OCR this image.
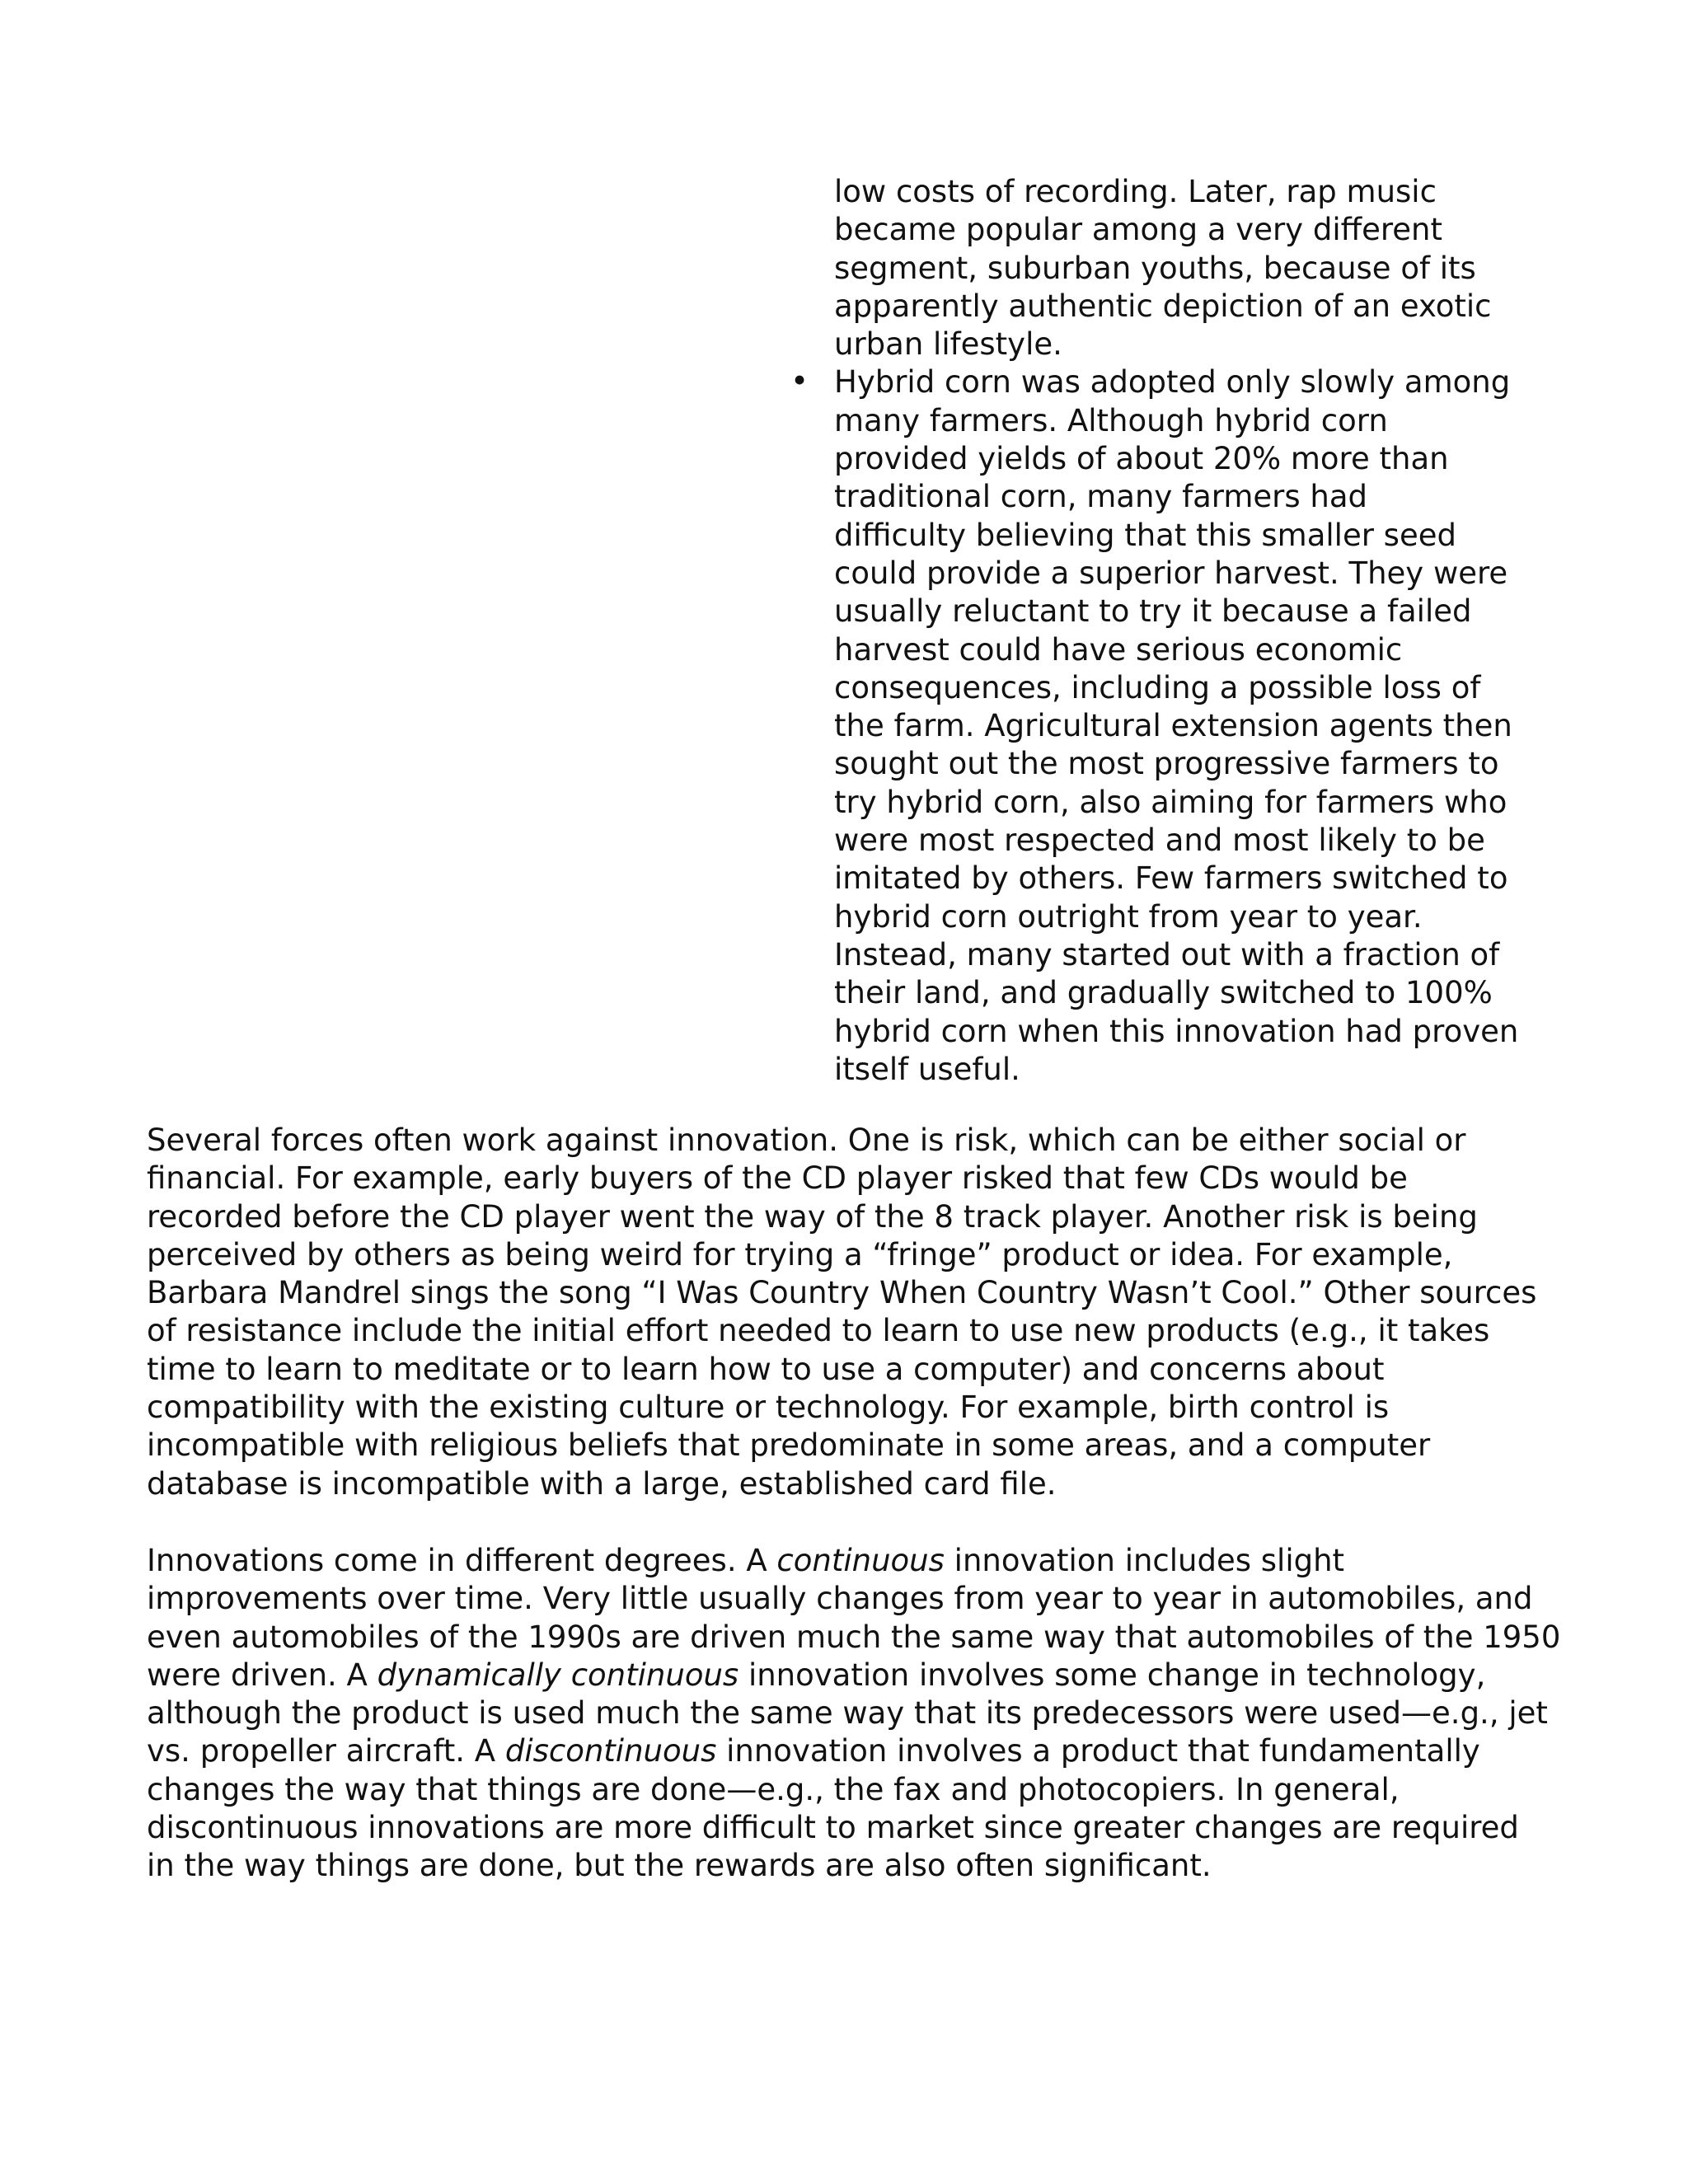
low costs of recording. Later, rap music
became popular among a very different
segment, suburban youths, because of its
apparently authentic depiction of an exotic
urban lifestyle.
Hybrid corn was adopted only slowly among
many farmers. Although hybrid corn
provided yields of about 20% more than
traditional corn, many farmers had
difficulty believing that this smaller seed
could provide a superior harvest. They were
usually reluctant to try it because a failed
harvest could have serious economic
consequences, including a possible loss of
the farm. Agricultural extension agents then
sought out the most progressive farmers to
try hybrid corn, also aiming for farmers who
were most respected and most likely to be
imitated by others. Few farmers switched to
hybrid corn outright from year to year.
Instead, many started out with a fraction of
their land, and gradually switched to 100%
hybrid corn when this innovation had proven
itself useful.
•
Several forces often work against innovation. One is risk, which can be either social or
financial. For example, early buyers of the CD player risked that few CDs would be
recorded before the CD player went the way of the 8 track player. Another risk is being
perceived by others as being weird for trying a “fringe” product or idea. For example,
Barbara Mandrel sings the song “I Was Country When Country Wasn’t Cool.” Other sources
of resistance include the initial effort needed to learn to use new products (e.g., it takes
time to learn to meditate or to learn how to use a computer) and concerns about
compatibility with the existing culture or technology. For example, birth control is
incompatible with religious beliefs that predominate in some areas, and a computer
database is incompatible with a large, established card file.
Innovations come in different degrees. A continuous innovation includes slight
improvements over time. Very little usually changes from year to year in automobiles, and
even automobiles of the 1990s are driven much the same way that automobiles of the 1950
were driven. A dynamically continuous innovation involves some change in technology,
although the product is used much the same way that its predecessors were used—e.g., jet
vs. propeller aircraft. A discontinuous innovation involves a product that fundamentally
changes the way that things are done—e.g., the fax and photocopiers. In general,
discontinuous innovations are more difficult to market since greater changes are required
in the way things are done, but the rewards are also often significant.
